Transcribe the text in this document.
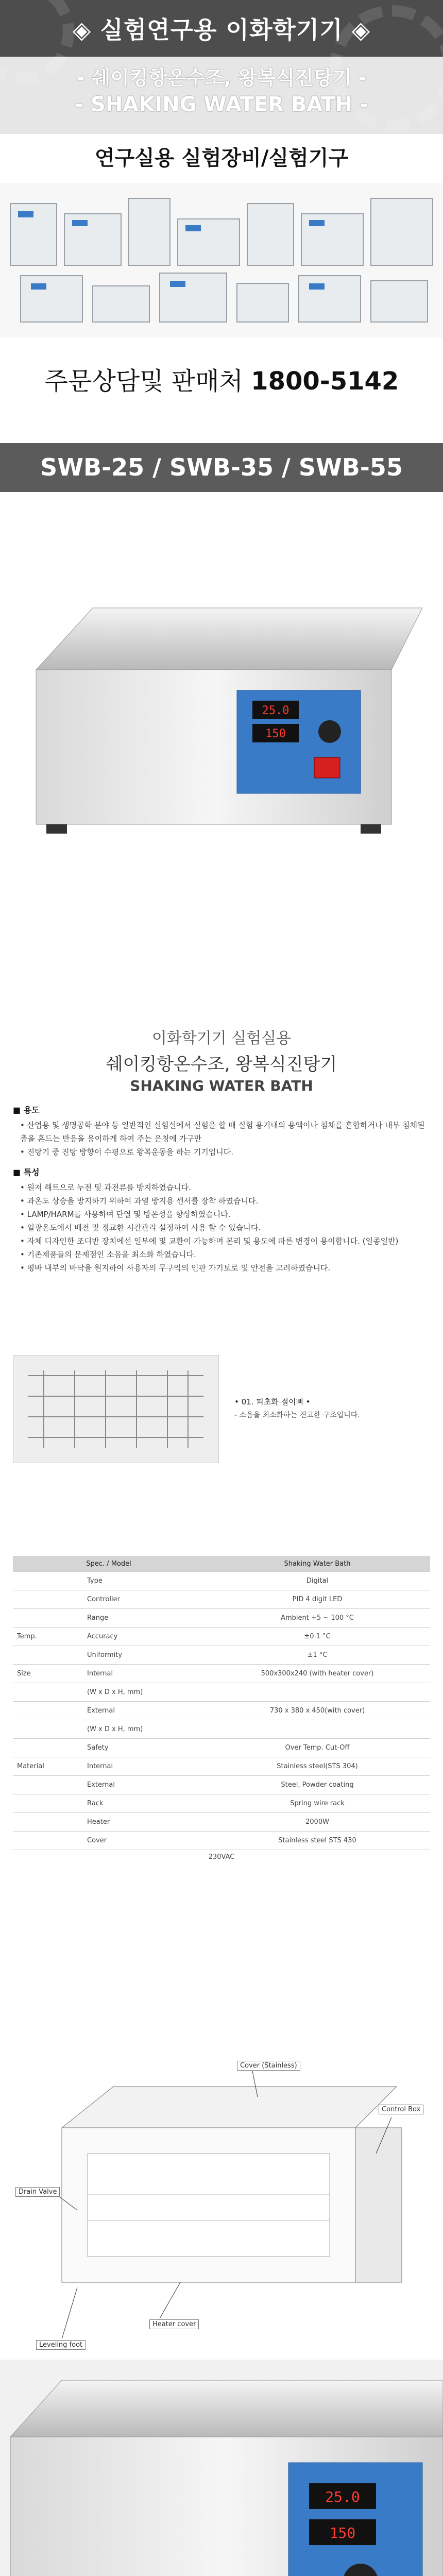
◈ 실험연구용 이화학기기 ◈
- 쉐이킹항온수조, 왕복식진탕기 -
- SHAKING WATER BATH -
연구실용 실험장비/실험기구
주문상담및 판매처 1800-5142
SWB-25 / SWB-35 / SWB-55
25.0
150
이화학기기 실험실용
쉐이킹항온수조, 왕복식진탕기
SHAKING WATER BATH
■ 용도
• 산업용 및 생명공학 분야 등 일반적인 실험실에서 실험을 할 때 실험 용기내의 용액이나 침체를 혼합하거나 내부 침체된 층을 흔드는 반응을 용이하게 하여 주는 은칭에 가구만
• 진탕기 중 진탕 방향이 수평으로 왕복운동을 하는 기기입니다.
■ 특성
• 원저 해트으로 누전 및 과전류를 방지하였습니다.
• 과온도 상승을 방지하기 위하여 과열 방지용 센서를 장착 하였습니다.
• LAMP/HARM를 사용하여 단열 및 방온성을 향상하였습니다.
• 일광온도에서 배전 및 정교한 시간관리 설정하여 사용 할 수 있습니다.
• 자체 디자인한 조디반 장치에선 일부에 및 교환이 가능하며 본리 및 용도에 따른 변경이 용이합니다. (일종일반)
• 기존제품들의 문제점인 소음을 최소화 하였습니다.
• 평바 내부의 바닥을 원지하여 사용자의 무구익의 인판 가기보로 및 안전을 고려하였습니다.
• 01. 피초화 절이뼈 •
- 소음을 최소화하는 견고한 구조입니다.
Spec. / Model		Shaking Water Bath
	Type	Digital
	Controller	PID 4 digit LED
	Range	Ambient +5 ~ 100 °C
Temp.	Accuracy	±0.1 °C
	Uniformity	±1 °C
Size	Internal	500x300x240 (with heater cover)
	(W x D x H, mm)	
	External	730 x 380 x 450(with cover)
	(W x D x H, mm)	
	Safety	Over Temp. Cut-Off
Material	Internal	Stainless steel(STS 304)
	External	Steel, Powder coating
	Rack	Spring wire rack
	Heater	2000W
	Cover	Stainless steel STS 430
230VAC
Cover (Stainless)
Control Box
Drain Valve
Heater cover
Leveling foot
25.0
150
